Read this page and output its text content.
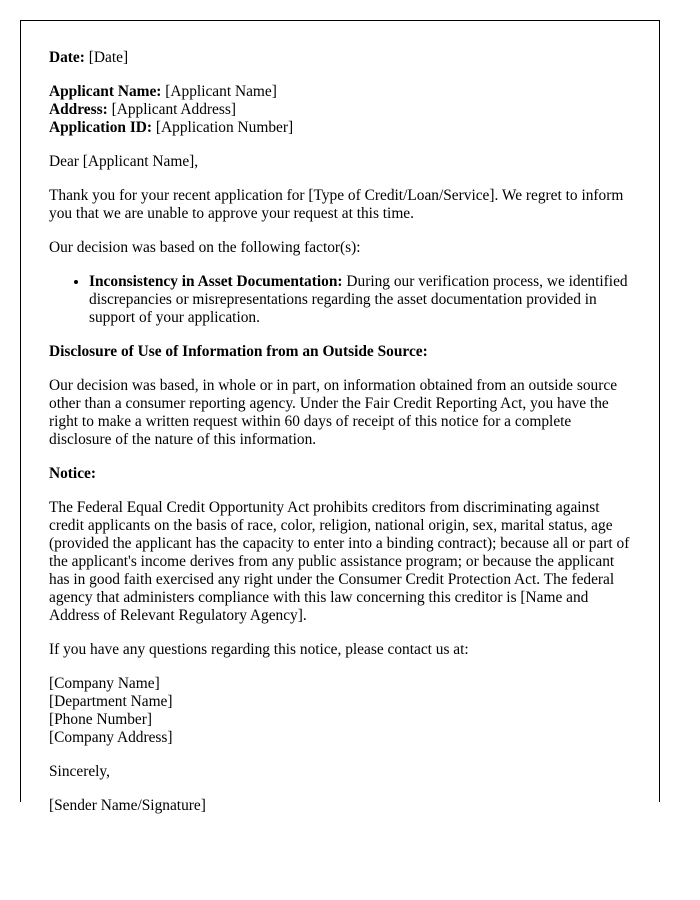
Date: [Date]

Applicant Name: [Applicant Name]
Address: [Applicant Address]
Application ID: [Application Number]

Dear [Applicant Name],

Thank you for your recent application for [Type of Credit/Loan/Service]. We regret to inform you that we are unable to approve your request at this time.

Our decision was based on the following factor(s):

• Inconsistency in Asset Documentation: During our verification process, we identified discrepancies or misrepresentations regarding the asset documentation provided in support of your application.

Disclosure of Use of Information from an Outside Source:

Our decision was based, in whole or in part, on information obtained from an outside source other than a consumer reporting agency. Under the Fair Credit Reporting Act, you have the right to make a written request within 60 days of receipt of this notice for a complete disclosure of the nature of this information.

Notice:

The Federal Equal Credit Opportunity Act prohibits creditors from discriminating against credit applicants on the basis of race, color, religion, national origin, sex, marital status, age (provided the applicant has the capacity to enter into a binding contract); because all or part of the applicant's income derives from any public assistance program; or because the applicant has in good faith exercised any right under the Consumer Credit Protection Act. The federal agency that administers compliance with this law concerning this creditor is [Name and Address of Relevant Regulatory Agency].

If you have any questions regarding this notice, please contact us at:

[Company Name]
[Department Name]
[Phone Number]
[Company Address]

Sincerely,

[Sender Name/Signature]
